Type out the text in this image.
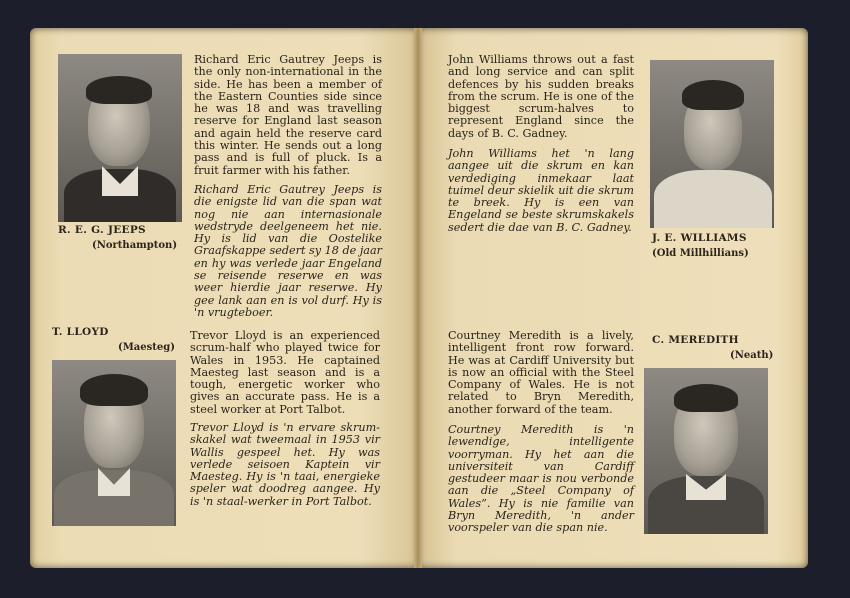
R. E. G. JEEPS

(Northampton)

Richard Eric Gautrey Jeeps is the only non-international in the side. He has been a member of the Eastern Counties side since he was 18 and was travelling reserve for England last season and again held the reserve card this winter. He sends out a long pass and is full of pluck. Is a fruit farmer with his father.

Richard Eric Gautrey Jeeps is die enigste lid van die span wat nog nie aan internasionale wedstryde deelgeneem het nie. Hy is lid van die Oostelike Graafskappe sedert sy 18 de jaar en hy was verlede jaar Engeland se reisende reserwe en was weer hierdie jaar reserwe. Hy gee lank aan en is vol durf. Hy is 'n vrugteboer.

T. LLOYD

(Maesteg)

Trevor Lloyd is an experienced scrum-half who played twice for Wales in 1953. He captained Maesteg last season and is a tough, energetic worker who gives an accurate pass. He is a steel worker at Port Talbot.

Trevor Lloyd is 'n ervare skrum-skakel wat tweemaal in 1953 vir Wallis gespeel het. Hy was verlede seisoen Kaptein vir Maesteg. Hy is 'n taai, energieke speler wat doodreg aangee. Hy is 'n staal-werker in Port Talbot.

John Williams throws out a fast and long service and can split defences by his sudden breaks from the scrum. He is one of the biggest scrum-halves to represent England since the days of B. C. Gadney.

John Williams het 'n lang aangee uit die skrum en kan verdediging inmekaar laat tuimel deur skielik uit die skrum te breek. Hy is een van Engeland se beste skrumskakels sedert die dae van B. C. Gadney.

J. E. WILLIAMS

(Old Millhillians)

Courtney Meredith is a lively, intelligent front row forward. He was at Cardiff University but is now an official with the Steel Company of Wales. He is not related to Bryn Meredith, another forward of the team.

Courtney Meredith is 'n lewendige, intelligente voorryman. Hy het aan die universiteit van Cardiff gestudeer maar is nou verbonde aan die „Steel Company of Wales”. Hy is nie familie van Bryn Meredith, 'n ander voorspeler van die span nie.

C. MEREDITH

(Neath)
